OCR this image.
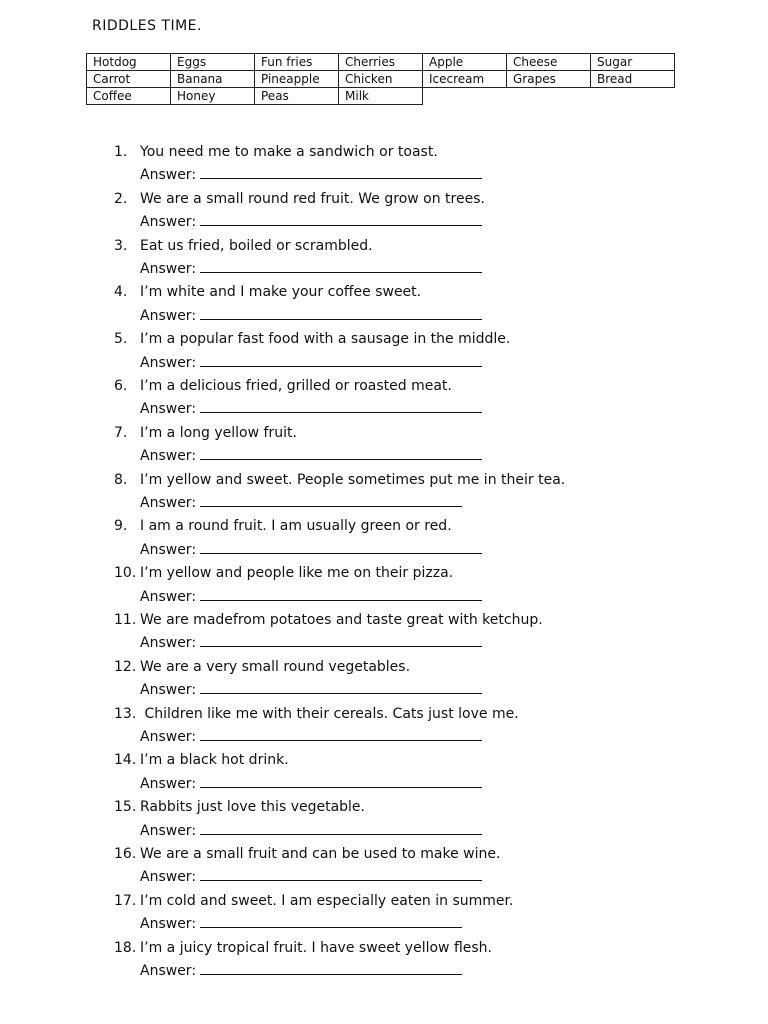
RIDDLES TIME.
Hotdog	Eggs	Fun fries	Cherries	Apple	Cheese	Sugar
Carrot	Banana	Pineapple	Chicken	Icecream	Grapes	Bread
Coffee	Honey	Peas	Milk			
1. You need me to make a sandwich or toast.
Answer:
2. We are a small round red fruit. We grow on trees.
Answer:
3. Eat us fried, boiled or scrambled.
Answer:
4. I’m white and I make your coffee sweet.
Answer:
5. I’m a popular fast food with a sausage in the middle.
Answer:
6. I’m a delicious fried, grilled or roasted meat.
Answer:
7. I’m a long yellow fruit.
Answer:
8. I’m yellow and sweet. People sometimes put me in their tea.
Answer:
9. I am a round fruit. I am usually green or red.
Answer:
10. I’m yellow and people like me on their pizza.
Answer:
11. We are madefrom potatoes and taste great with ketchup.
Answer:
12. We are a very small round vegetables.
Answer:
13. Children like me with their cereals. Cats just love me.
Answer:
14. I’m a black hot drink.
Answer:
15. Rabbits just love this vegetable.
Answer:
16. We are a small fruit and can be used to make wine.
Answer:
17. I’m cold and sweet. I am especially eaten in summer.
Answer:
18. I’m a juicy tropical fruit. I have sweet yellow flesh.
Answer:
